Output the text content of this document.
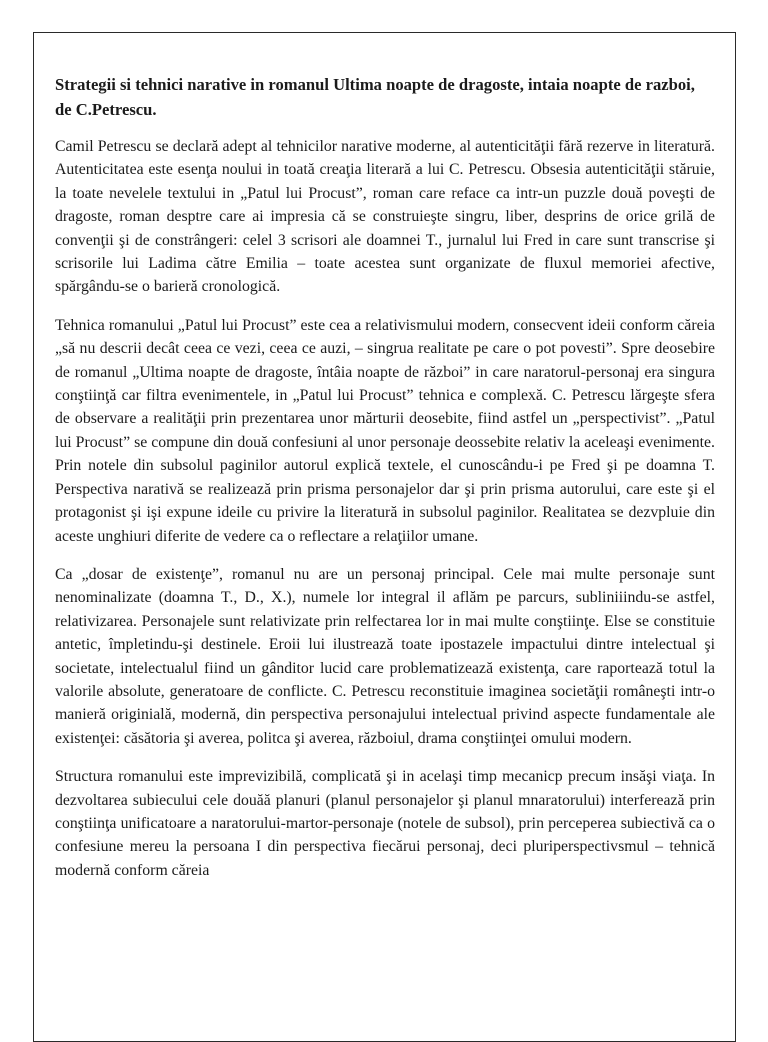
Strategii si tehnici narative in romanul Ultima noapte de dragoste, intaia noapte de razboi, de C.Petrescu.

Camil Petrescu se declară adept al tehnicilor narative moderne, al autenticităţii fără rezerve in literatură. Autenticitatea este esenţa noului in toată creaţia literară a lui C. Petrescu. Obsesia autenticităţii stăruie, la toate nevelele textului in „Patul lui Procust”, roman care reface ca intr-un puzzle două poveşti de dragoste, roman desptre care ai impresia că se construieşte singru, liber, desprins de orice grilă de convenţii şi de constrângeri: celel 3 scrisori ale doamnei T., jurnalul lui Fred in care sunt transcrise şi scrisorile lui Ladima către Emilia – toate acestea sunt organizate de fluxul memoriei afective, spărgându-se o barieră cronologică.

Tehnica romanului „Patul lui Procust” este cea a relativismului modern, consecvent ideii conform căreia „să nu descrii decât ceea ce vezi, ceea ce auzi, – singrua realitate pe care o pot povesti”. Spre deosebire de romanul „Ultima noapte de dragoste, întâia noapte de război” in care naratorul-personaj era singura conştiinţă car filtra evenimentele, in „Patul lui Procust” tehnica e complexă. C. Petrescu lărgeşte sfera de observare a realităţii prin prezentarea unor mărturii deosebite, fiind astfel un „perspectivist”. „Patul lui Procust” se compune din două confesiuni al unor personaje deossebite relativ la aceleaşi evenimente. Prin notele din subsolul paginilor autorul explică textele, el cunoscându-i pe Fred şi pe doamna T. Perspectiva narativă se realizează prin prisma personajelor dar şi prin prisma autorului, care este şi el protagonist şi işi expune ideile cu privire la literatură in subsolul paginilor. Realitatea se dezvpluie din aceste unghiuri diferite de vedere ca o reflectare a relaţiilor umane.

Ca „dosar de existenţe”, romanul nu are un personaj principal. Cele mai multe personaje sunt nenominalizate (doamna T., D., X.), numele lor integral il aflăm pe parcurs, subliniiindu-se astfel, relativizarea. Personajele sunt relativizate prin relfectarea lor in mai multe conştiinţe. Else se constituie antetic, împletindu-şi destinele. Eroii lui ilustrează toate ipostazele impactului dintre intelectual şi societate, intelectualul fiind un gânditor lucid care problematizează existenţa, care raportează totul la valorile absolute, generatoare de conflicte. C. Petrescu reconstituie imaginea societăţii româneşti intr-o manieră originială, modernă, din perspectiva personajului intelectual privind aspecte fundamentale ale existenţei: căsătoria şi averea, politca şi averea, războiul, drama conştiinţei omului modern.

Structura romanului este imprevizibilă, complicată şi in acelaşi timp mecanicp precum insăşi viaţa. In dezvoltarea subiecului cele douăă planuri (planul personajelor şi planul mnaratorului) interferează prin conştiinţa unificatoare a naratorului-martor-personaje (notele de subsol), prin perceperea subiectivă ca o confesiune mereu la persoana I din perspectiva fiecărui personaj, deci pluriperspectivsmul – tehnică modernă conform căreia
